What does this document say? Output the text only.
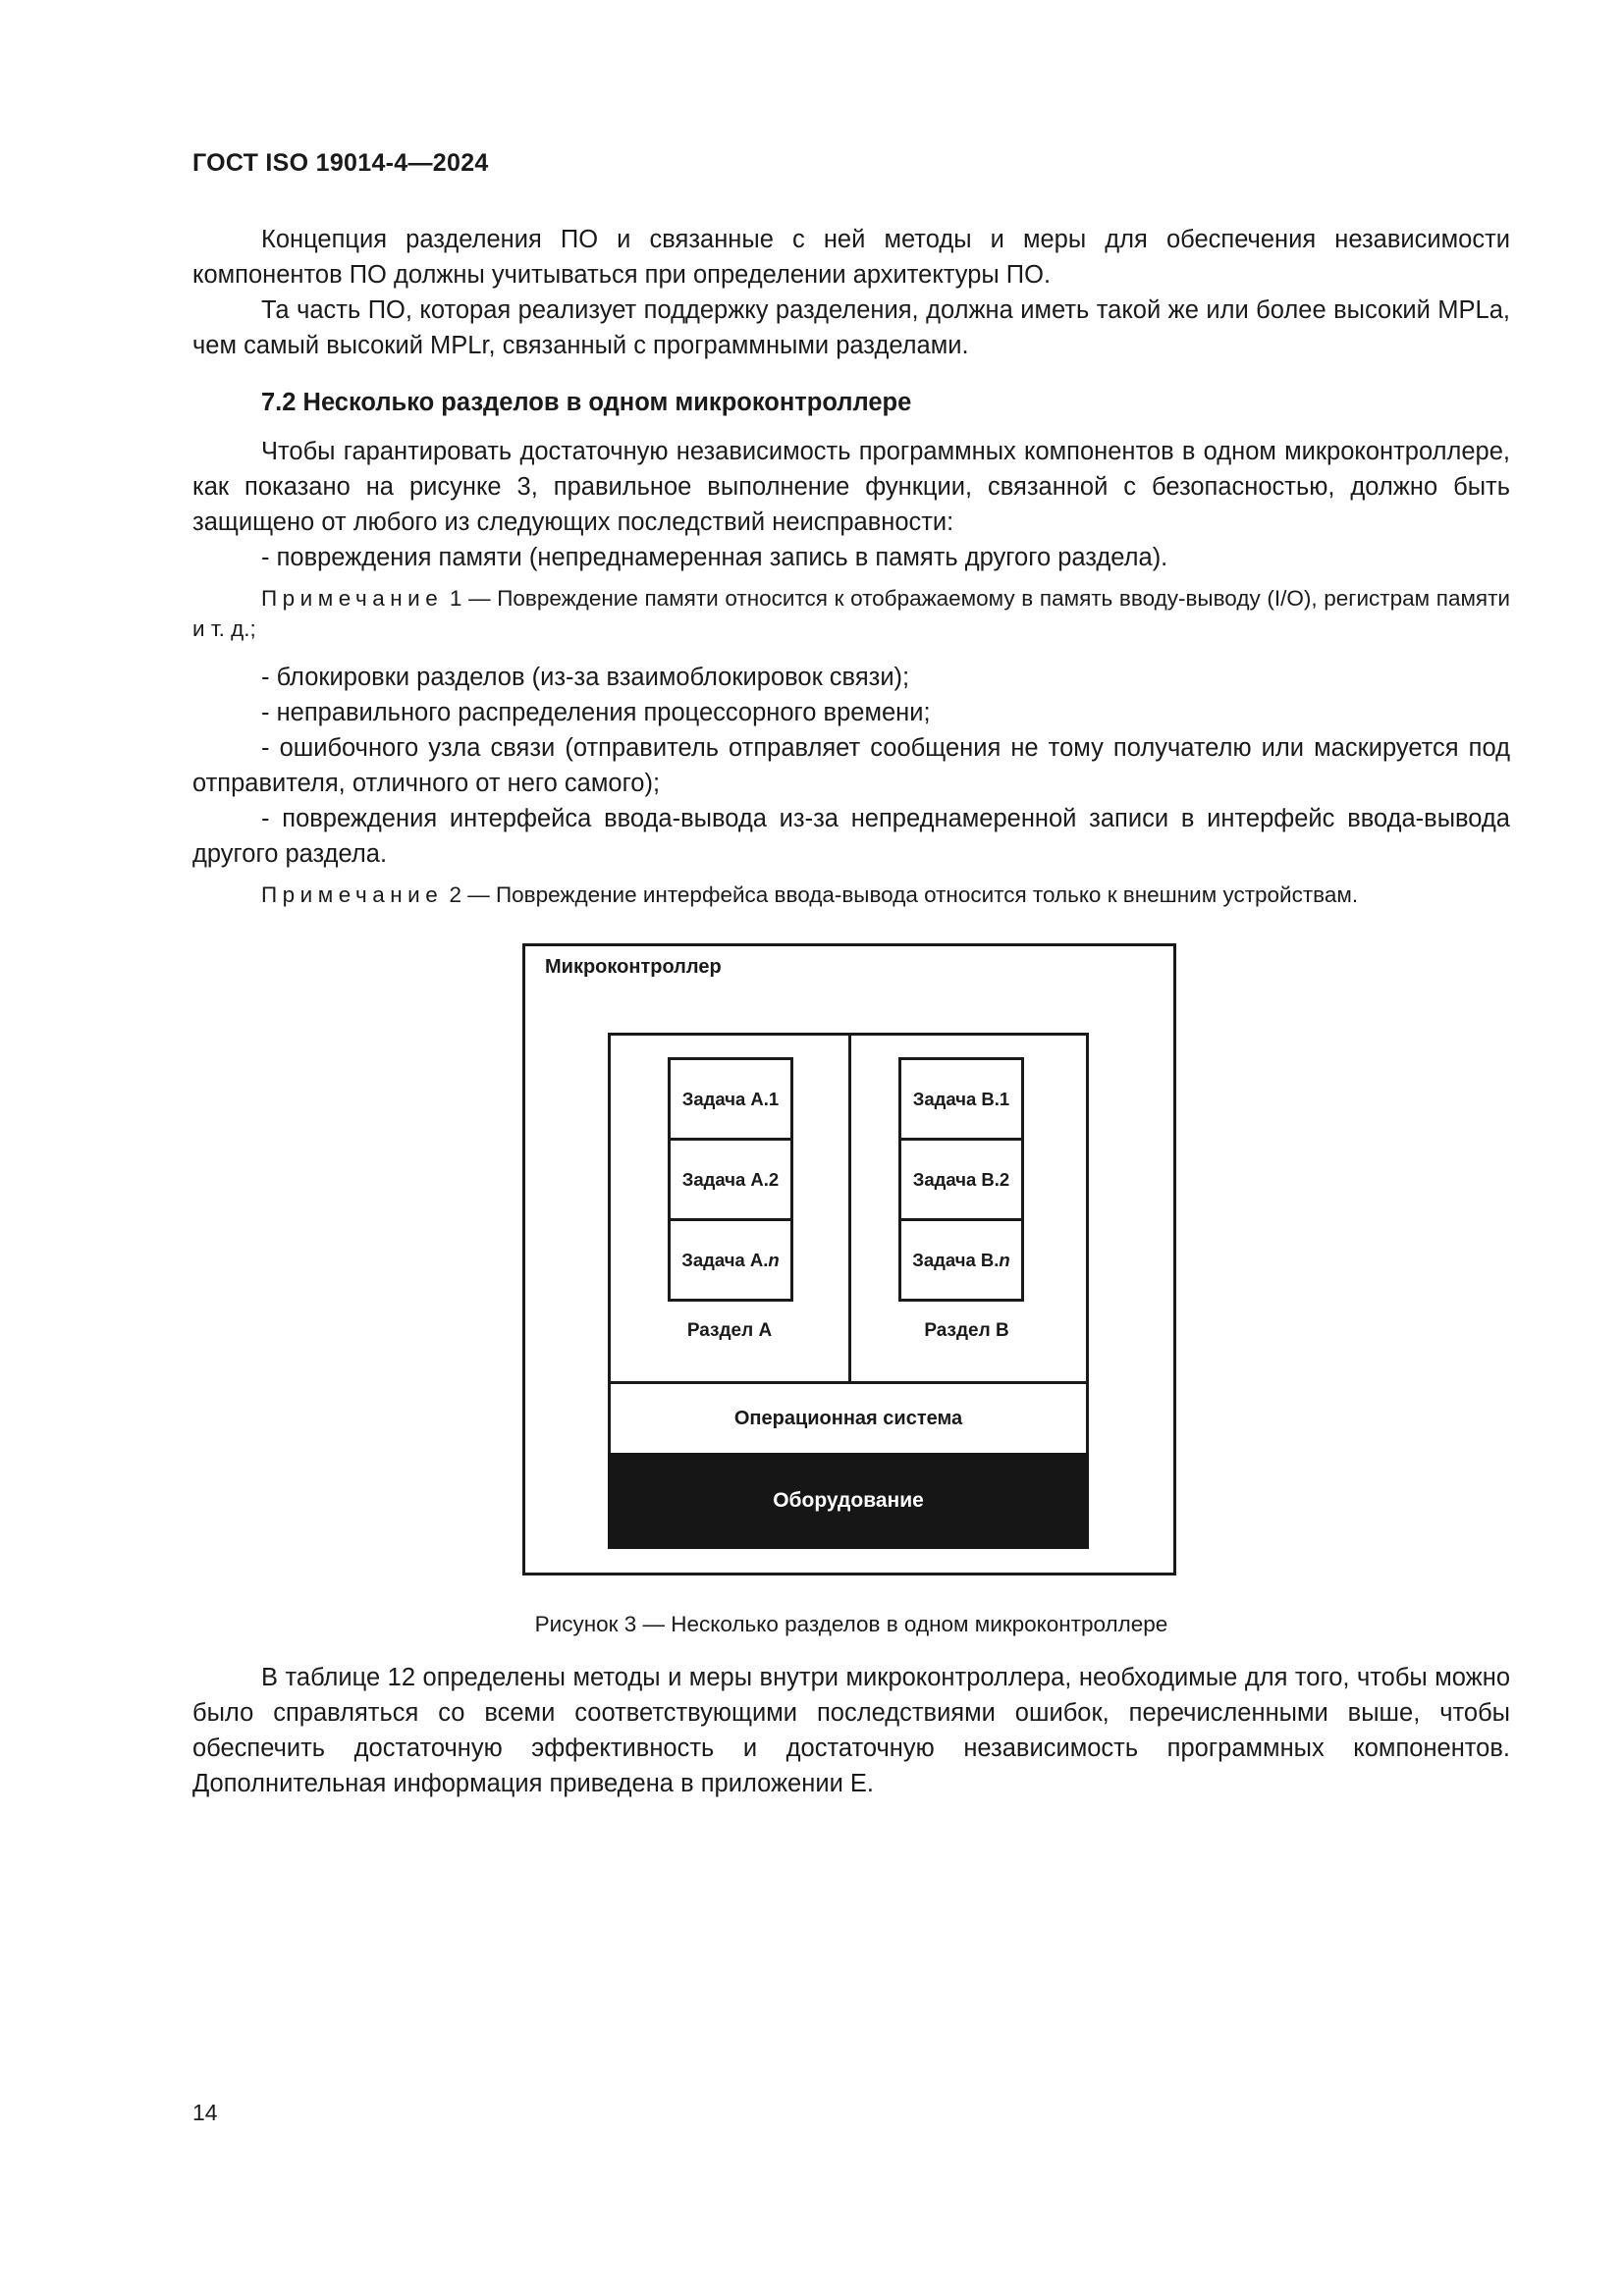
ГОСТ ISO 19014-4—2024

Концепция разделения ПО и связанные с ней методы и меры для обеспечения независимости компонентов ПО должны учитываться при определении архитектуры ПО.

Та часть ПО, которая реализует поддержку разделения, должна иметь такой же или более высокий MPLa, чем самый высокий MPLr, связанный с программными разделами.

7.2 Несколько разделов в одном микроконтроллере

Чтобы гарантировать достаточную независимость программных компонентов в одном микроконтроллере, как показано на рисунке 3, правильное выполнение функции, связанной с безопасностью, должно быть защищено от любого из следующих последствий неисправности:

- повреждения памяти (непреднамеренная запись в память другого раздела).

Примечание 1 — Повреждение памяти относится к отображаемому в память вводу-выводу (I/O), регистрам памяти и т. д.;

- блокировки разделов (из-за взаимоблокировок связи);

- неправильного распределения процессорного времени;

- ошибочного узла связи (отправитель отправляет сообщения не тому получателю или маскируется под отправителя, отличного от него самого);

- повреждения интерфейса ввода-вывода из-за непреднамеренной записи в интерфейс ввода-вывода другого раздела.

Примечание 2 — Повреждение интерфейса ввода-вывода относится только к внешним устройствам.

Микроконтроллер
Задача А. 1
Задача А. 2
Задача А. n
Раздел А
Задача В. 1
Задача В. 2
Задача В. n
Раздел В
Операционная система
Оборудование
Рисунок 3 — Несколько разделов в одном микроконтроллере

В таблице 12 определены методы и меры внутри микроконтроллера, необходимые для того, чтобы можно было справляться со всеми соответствующими последствиями ошибок, перечисленными выше, чтобы обеспечить достаточную эффективность и достаточную независимость программных компонентов. Дополнительная информация приведена в приложении Е.

14
